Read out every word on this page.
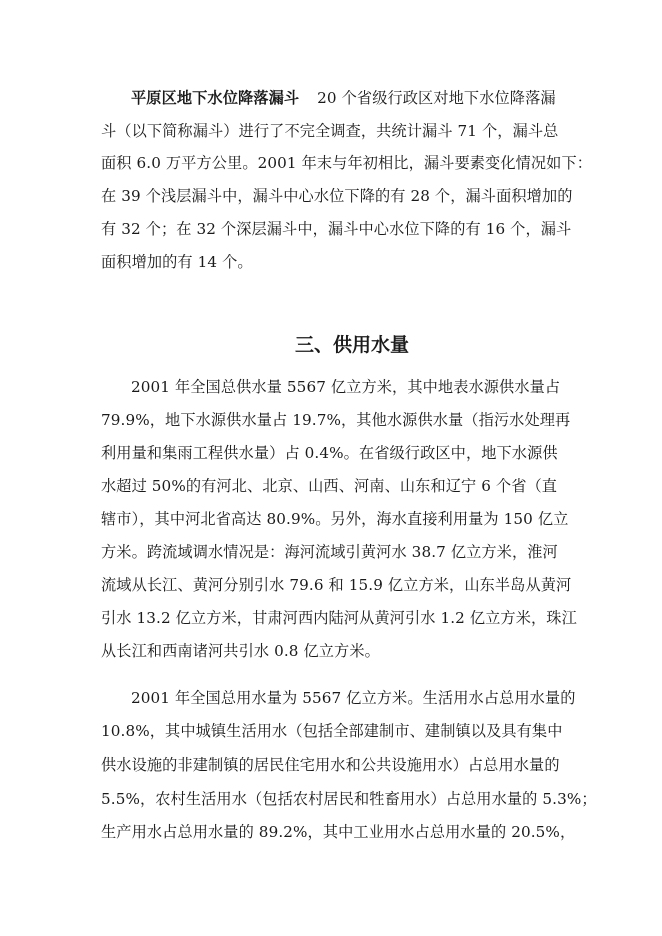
平原区地下水位降落漏斗 20 个省级行政区对地下水位降落漏
斗（以下简称漏斗）进行了不完全调查，共统计漏斗 71 个，漏斗总
面积 6.0 万平方公里。2001 年末与年初相比，漏斗要素变化情况如下：
在 39 个浅层漏斗中，漏斗中心水位下降的有 28 个，漏斗面积增加的
有 32 个；在 32 个深层漏斗中，漏斗中心水位下降的有 16 个，漏斗
面积增加的有 14 个。
三、供用水量
2001 年全国总供水量 5567 亿立方米，其中地表水源供水量占
79.9%，地下水源供水量占 19.7%，其他水源供水量（指污水处理再
利用量和集雨工程供水量）占 0.4%。在省级行政区中，地下水源供
水超过 50%的有河北、北京、山西、河南、山东和辽宁 6 个省（直
辖市），其中河北省高达 80.9%。另外，海水直接利用量为 150 亿立
方米。跨流域调水情况是：海河流域引黄河水 38.7 亿立方米，淮河
流域从长江、黄河分别引水 79.6 和 15.9 亿立方米，山东半岛从黄河
引水 13.2 亿立方米，甘肃河西内陆河从黄河引水 1.2 亿立方米，珠江
从长江和西南诸河共引水 0.8 亿立方米。
2001 年全国总用水量为 5567 亿立方米。生活用水占总用水量的
10.8%，其中城镇生活用水（包括全部建制市、建制镇以及具有集中
供水设施的非建制镇的居民住宅用水和公共设施用水）占总用水量的
5.5%，农村生活用水（包括农村居民和牲畜用水）占总用水量的 5.3%；
生产用水占总用水量的 89.2%，其中工业用水占总用水量的 20.5%，
